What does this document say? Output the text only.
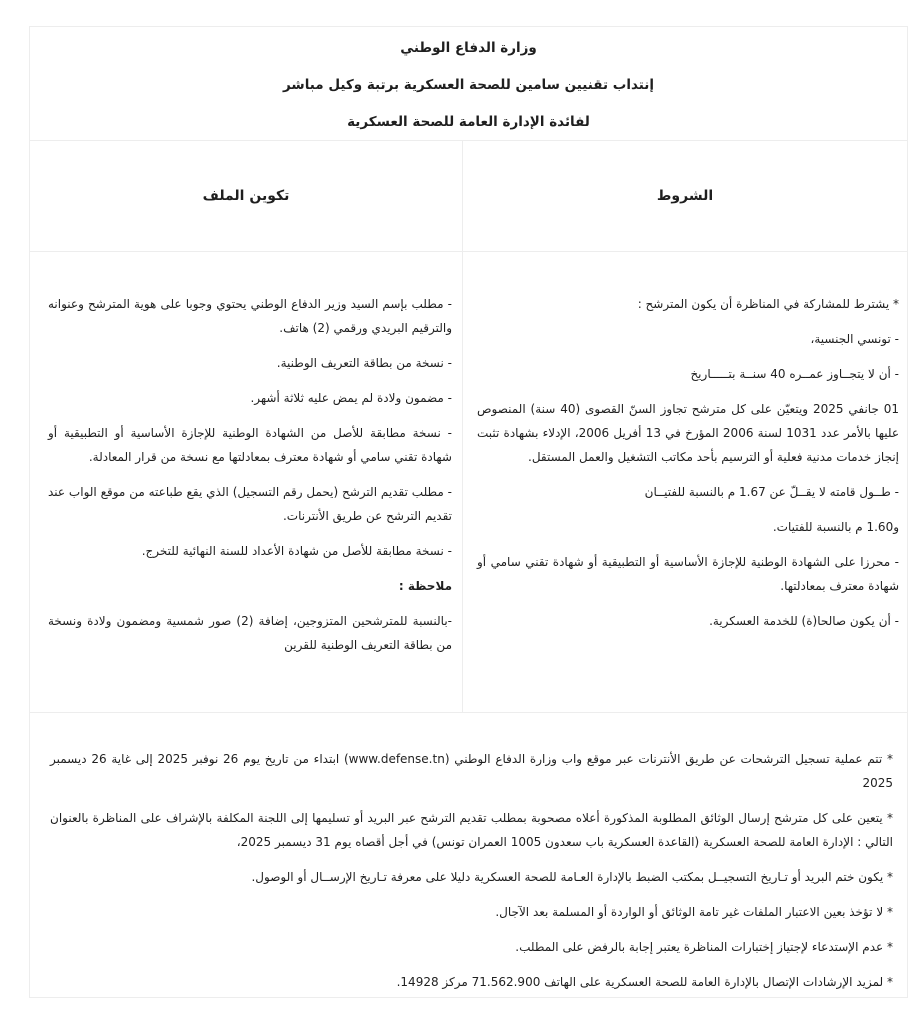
وزارة الدفاع الوطني
إنتداب تقنيين سامين للصحة العسكرية برتبة وكيل مباشر
لفائدة الإدارة العامة للصحة العسكرية
تكوين الملف	الشروط
- مطلب بإسم السيد وزير الدفاع الوطني يحتوي وجوبا على هوية المترشح وعنوانه والترقيم البريدي ورقمي (2) هاتف.
- نسخة من بطاقة التعريف الوطنية.
- مضمون ولادة لم يمض عليه ثلاثة أشهر.
- نسخة مطابقة للأصل من الشهادة الوطنية للإجازة الأساسية أو التطبيقية أو شهادة تقني سامي أو شهادة معترف بمعادلتها مع نسخة من قرار المعادلة.
- مطلب تقديم الترشح (يحمل رقم التسجيل) الذي يقع طباعته من موقع الواب عند تقديم الترشح عن طريق الأنترنات.
- نسخة مطابقة للأصل من شهادة الأعداد للسنة النهائية للتخرج.
ملاحظة :
-بالنسبة للمترشحين المتزوجين، إضافة (2) صور شمسية ومضمون ولادة ونسخة من بطاقة التعريف الوطنية للقرين
* يشترط للمشاركة في المناظرة أن يكون المترشح :
- تونسي الجنسية،
- أن لا يتجــاوز عمــره 40 سنــة بتـــــاريخ
01 جانفي 2025 ويتعيّن على كل مترشح تجاوز السنّ القصوى (40 سنة) المنصوص عليها بالأمر عدد 1031 لسنة 2006 المؤرخ في 13 أفريل 2006، الإدلاء بشهادة تثبت إنجاز خدمات مدنية فعلية أو الترسيم بأحد مكاتب التشغيل والعمل المستقل.
- طــول قامته لا يقــلّ عن 1.67 م بالنسبة للفتيــان
و1.60 م بالنسبة للفتيات.
- محرزا على الشهادة الوطنية للإجازة الأساسية أو التطبيقية أو شهادة تقني سامي أو شهادة معترف بمعادلتها.
- أن يكون صالحا(ة) للخدمة العسكرية.
* تتم عملية تسجيل الترشحات عن طريق الأنترنات عبر موقع واب وزارة الدفاع الوطني (www.defense.tn) ابتداء من تاريخ يوم 26 نوفبر 2025 إلى غاية 26 ديسمبر 2025
* يتعين على كل مترشح إرسال الوثائق المطلوبة المذكورة أعلاه مصحوبة بمطلب تقديم الترشح عبر البريد أو تسليمها إلى اللجنة المكلفة بالإشراف على المناظرة بالعنوان التالي : الإدارة العامة للصحة العسكرية (القاعدة العسكرية باب سعدون 1005 العمران تونس) في أجل أقصاه يوم 31 ديسمبر 2025،
* يكون ختم البريد أو تـاريخ التسجيــل بمكتب الضبط بالإدارة العـامة للصحة العسكرية دليلا على معرفة تـاريخ الإرســال أو الوصول.
* لا تؤخذ بعين الاعتبار الملفات غير تامة الوثائق أو الواردة أو المسلمة بعد الآجال.
* عدم الإستدعاء لإجتياز إختبارات المناظرة يعتبر إجابة بالرفض على المطلب.
* لمزيد الإرشادات الإتصال بالإدارة العامة للصحة العسكرية على الهاتف 71.562.900 مركز 14928.
